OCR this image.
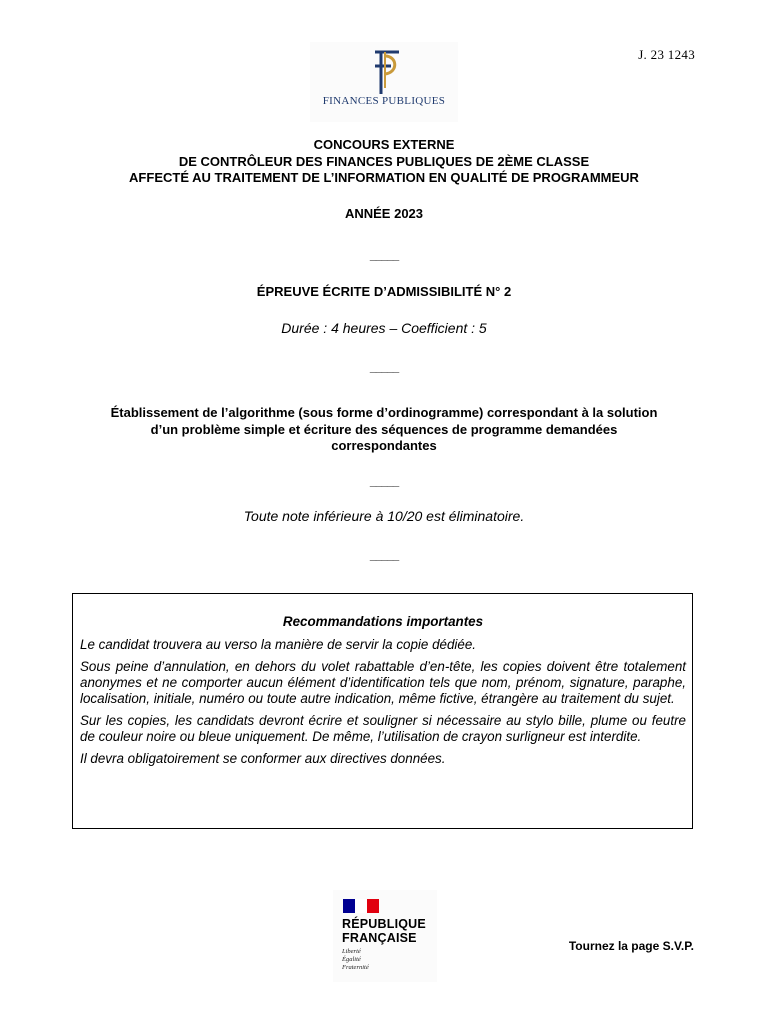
J. 23 1243
FINANCES PUBLIQUES
CONCOURS EXTERNE
DE CONTRÔLEUR DES FINANCES PUBLIQUES DE 2ÈME CLASSE
AFFECTÉ AU TRAITEMENT DE L’INFORMATION EN QUALITÉ DE PROGRAMMEUR
ANNÉE 2023
_____
ÉPREUVE ÉCRITE D’ADMISSIBILITÉ N° 2
Durée : 4 heures – Coefficient : 5
_____
Établissement de l’algorithme (sous forme d’ordinogramme) correspondant à la solution
d’un problème simple et écriture des séquences de programme demandées
correspondantes
_____
Toute note inférieure à 10/20 est éliminatoire.
_____
Recommandations importantes

Le candidat trouvera au verso la manière de servir la copie dédiée.

Sous peine d’annulation, en dehors du volet rabattable d’en-tête, les copies doivent être totalement anonymes et ne comporter aucun élément d’identification tels que nom, prénom, signature, paraphe, localisation, initiale, numéro ou toute autre indication, même fictive, étrangère au traitement du sujet.

Sur les copies, les candidats devront écrire et souligner si nécessaire au stylo bille, plume ou feutre de couleur noire ou bleue uniquement. De même, l’utilisation de crayon surligneur est interdite.

Il devra obligatoirement se conformer aux directives données.

RÉPUBLIQUE
FRANÇAISE
Liberté
Égalité
Fraternité
Tournez la page S.V.P.
